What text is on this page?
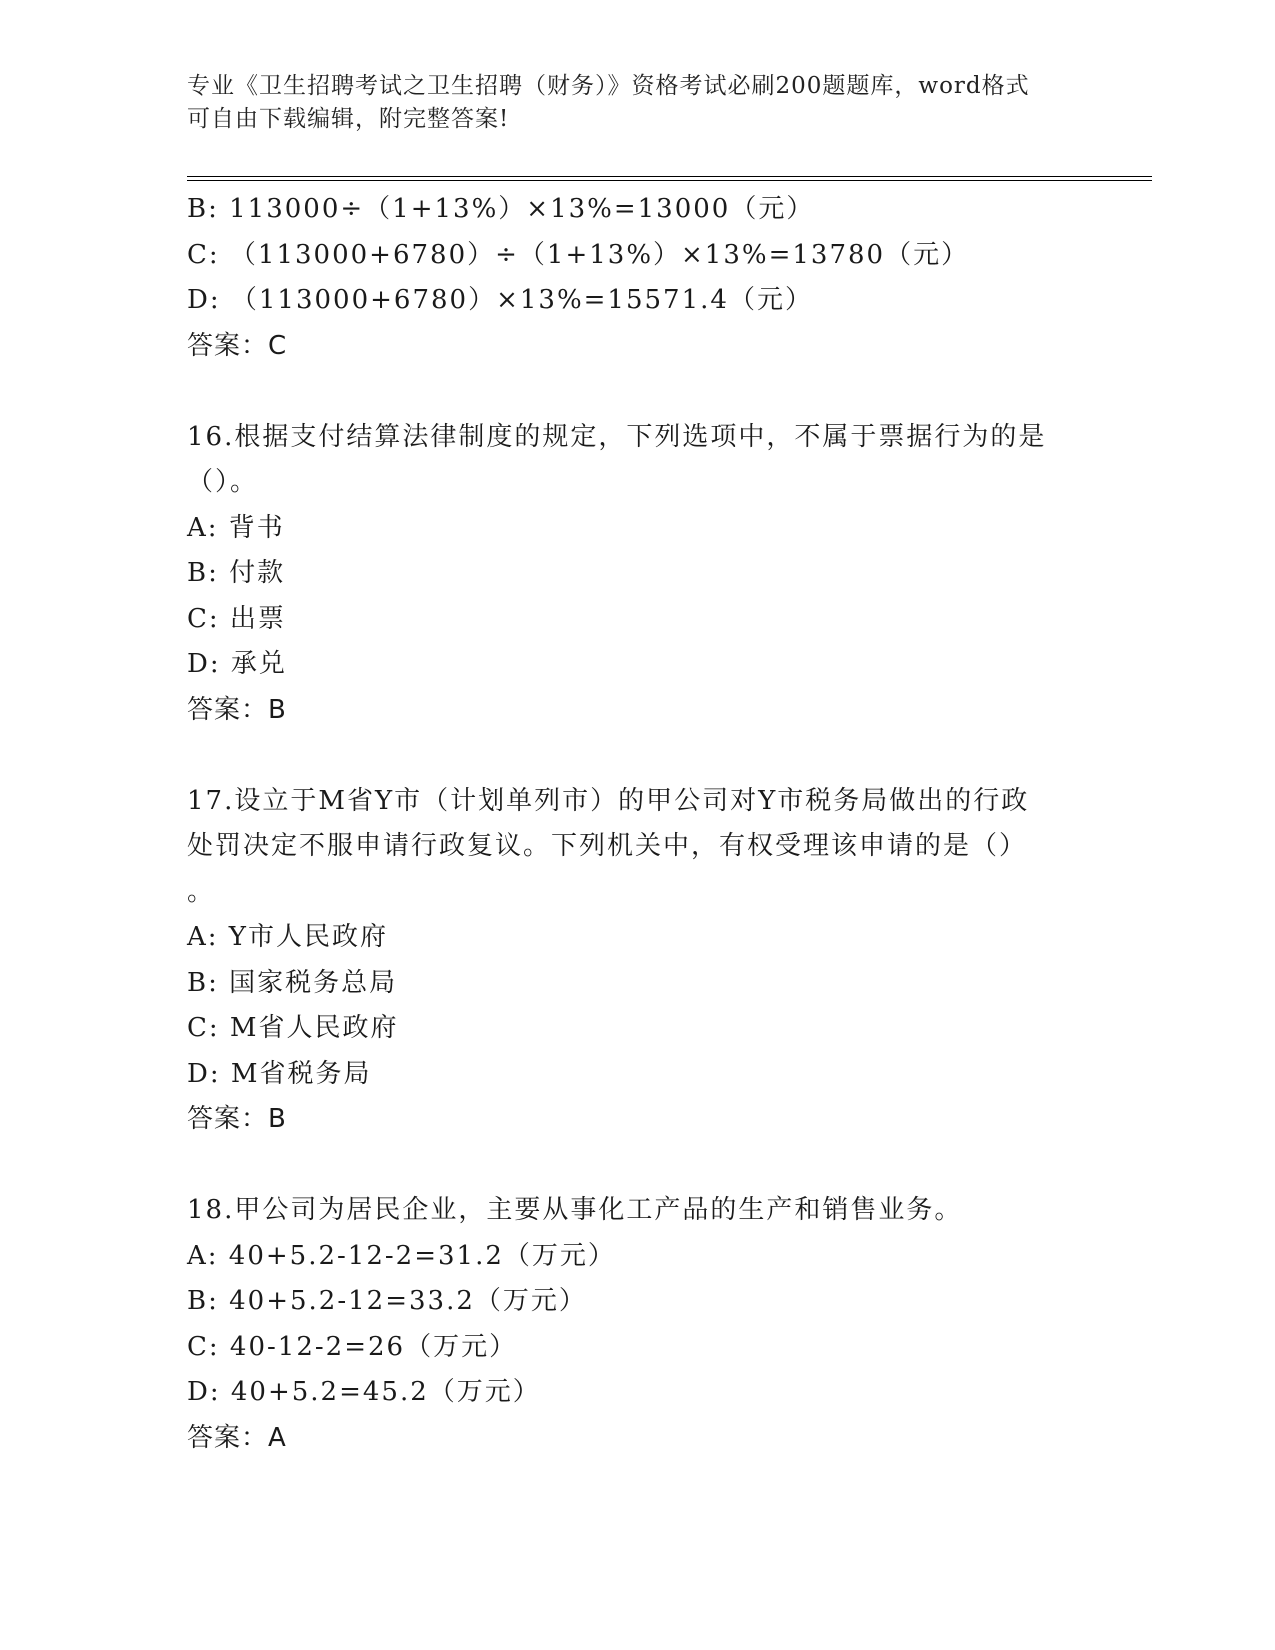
专业《卫生招聘考试之卫生招聘（财务）》资格考试必刷200题题库，word格式
可自由下载编辑，附完整答案!
B: 113000÷（1+13%）×13%=13000（元）
C: （113000+6780）÷（1+13%）×13%=13780（元）
D: （113000+6780）×13%=15571.4（元）
答案：C
16.根据支付结算法律制度的规定，下列选项中，不属于票据行为的是
（）。
A: 背书
B: 付款
C: 出票
D: 承兑
答案：B
17.设立于M省Y市（计划单列市）的甲公司对Y市税务局做出的行政
处罚决定不服申请行政复议。下列机关中，有权受理该申请的是（）
。
A: Y市人民政府
B: 国家税务总局
C: M省人民政府
D: M省税务局
答案：B
18.甲公司为居民企业，主要从事化工产品的生产和销售业务。
A: 40+5.2-12-2=31.2（万元）
B: 40+5.2-12=33.2（万元）
C: 40-12-2=26（万元）
D: 40+5.2=45.2（万元）
答案：A
